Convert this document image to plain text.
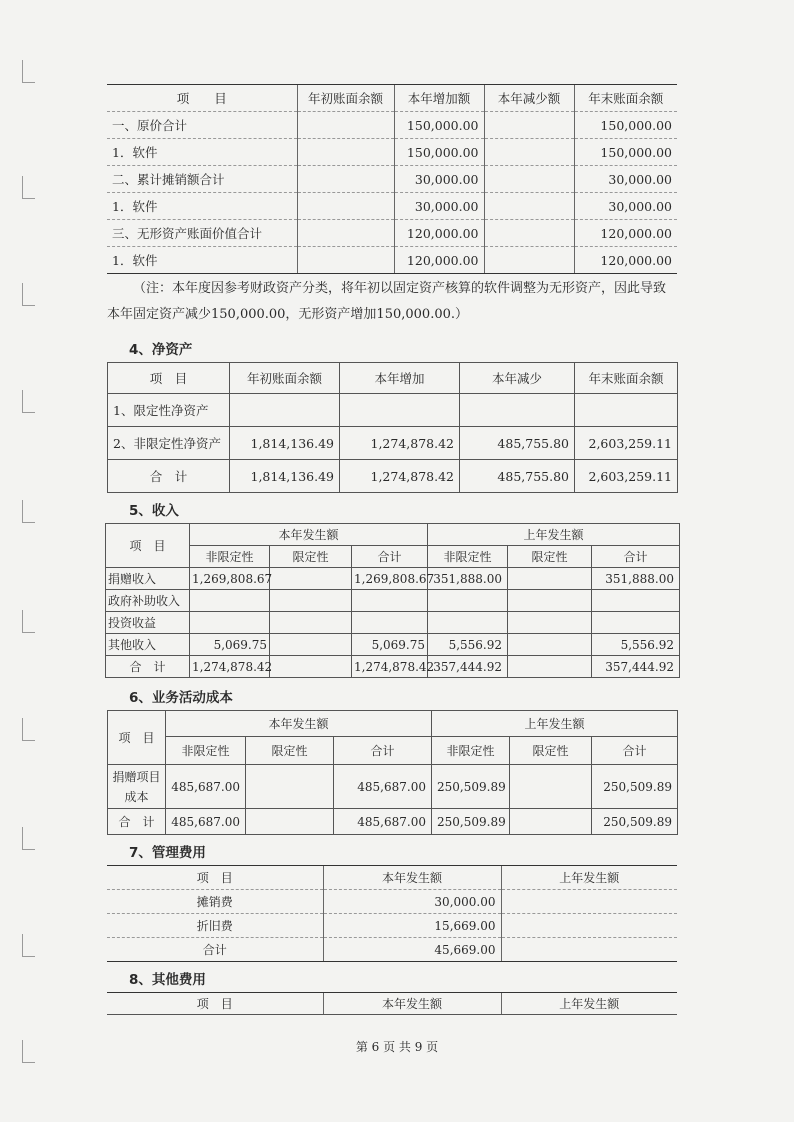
项　　目	年初账面余额	本年增加额	本年减少额	年末账面余额
一、原价合计		150,000.00		150,000.00
1．软件		150,000.00		150,000.00
二、累计摊销额合计		30,000.00		30,000.00
1．软件		30,000.00		30,000.00
三、无形资产账面价值合计		120,000.00		120,000.00
1．软件		120,000.00		120,000.00

（注：本年度因参考财政资产分类，将年初以固定资产核算的软件调整为无形资产，因此导致本年固定资产减少150,000.00，无形资产增加150,000.00.）

4、净资产

项　目	年初账面余额	本年增加	本年减少	年末账面余额
1、限定性净资产				
2、非限定性净资产	1,814,136.49	1,274,878.42	485,755.80	2,603,259.11
合　计	1,814,136.49	1,274,878.42	485,755.80	2,603,259.11

5、收入

项　目	本年发生额			上年发生额		
	非限定性	限定性	合计	非限定性	限定性	合计
捐赠收入	1,269,808.67		1,269,808.67	351,888.00		351,888.00
政府补助收入						
投资收益						
其他收入	5,069.75		5,069.75	5,556.92		5,556.92
合　计	1,274,878.42		1,274,878.42	357,444.92		357,444.92

6、业务活动成本

项　目	本年发生额			上年发生额		
	非限定性	限定性	合计	非限定性	限定性	合计
捐赠项目成本	485,687.00		485,687.00	250,509.89		250,509.89
合　计	485,687.00		485,687.00	250,509.89		250,509.89

7、管理费用

项　目	本年发生额	上年发生额
摊销费	30,000.00	
折旧费	15,669.00	
合计	45,669.00	

8、其他费用

项　目	本年发生额	上年发生额
第 6 页 共 9 页
